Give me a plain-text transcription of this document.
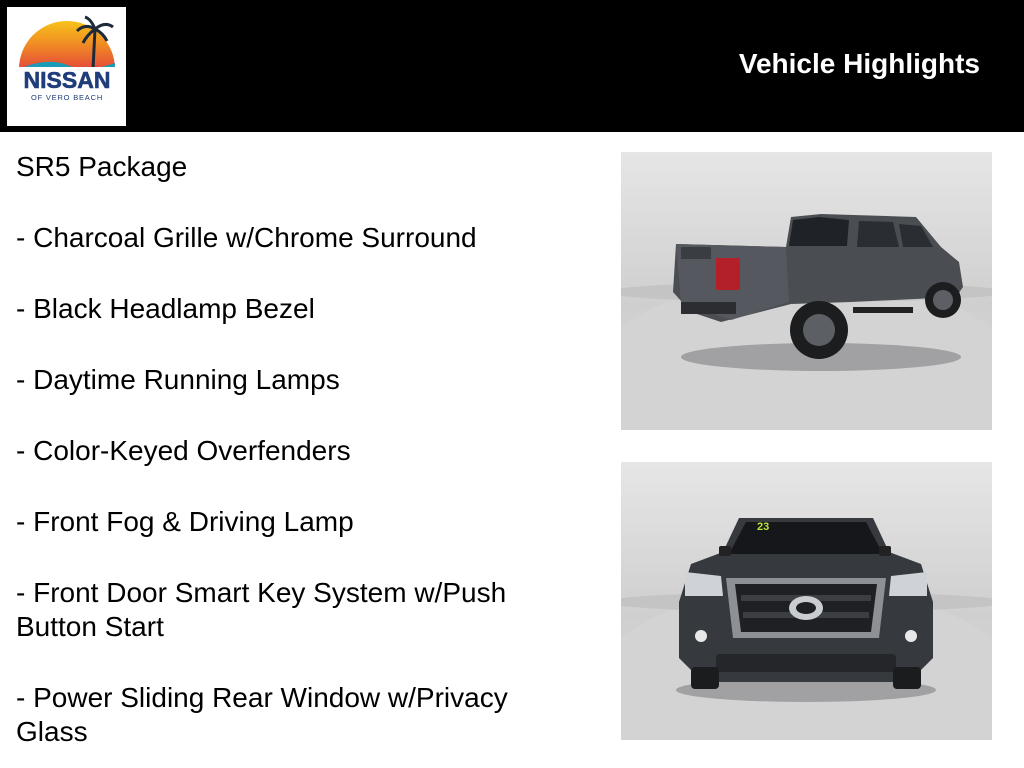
NISSAN
OF VERO BEACH
Vehicle Highlights

SR5 Package

- Charcoal Grille w/Chrome Surround

- Black Headlamp Bezel

- Daytime Running Lamps

- Color-Keyed Overfenders

- Front Fog & Driving Lamp

- Front Door Smart Key System w/Push Button Start

- Power Sliding Rear Window w/Privacy Glass

23
